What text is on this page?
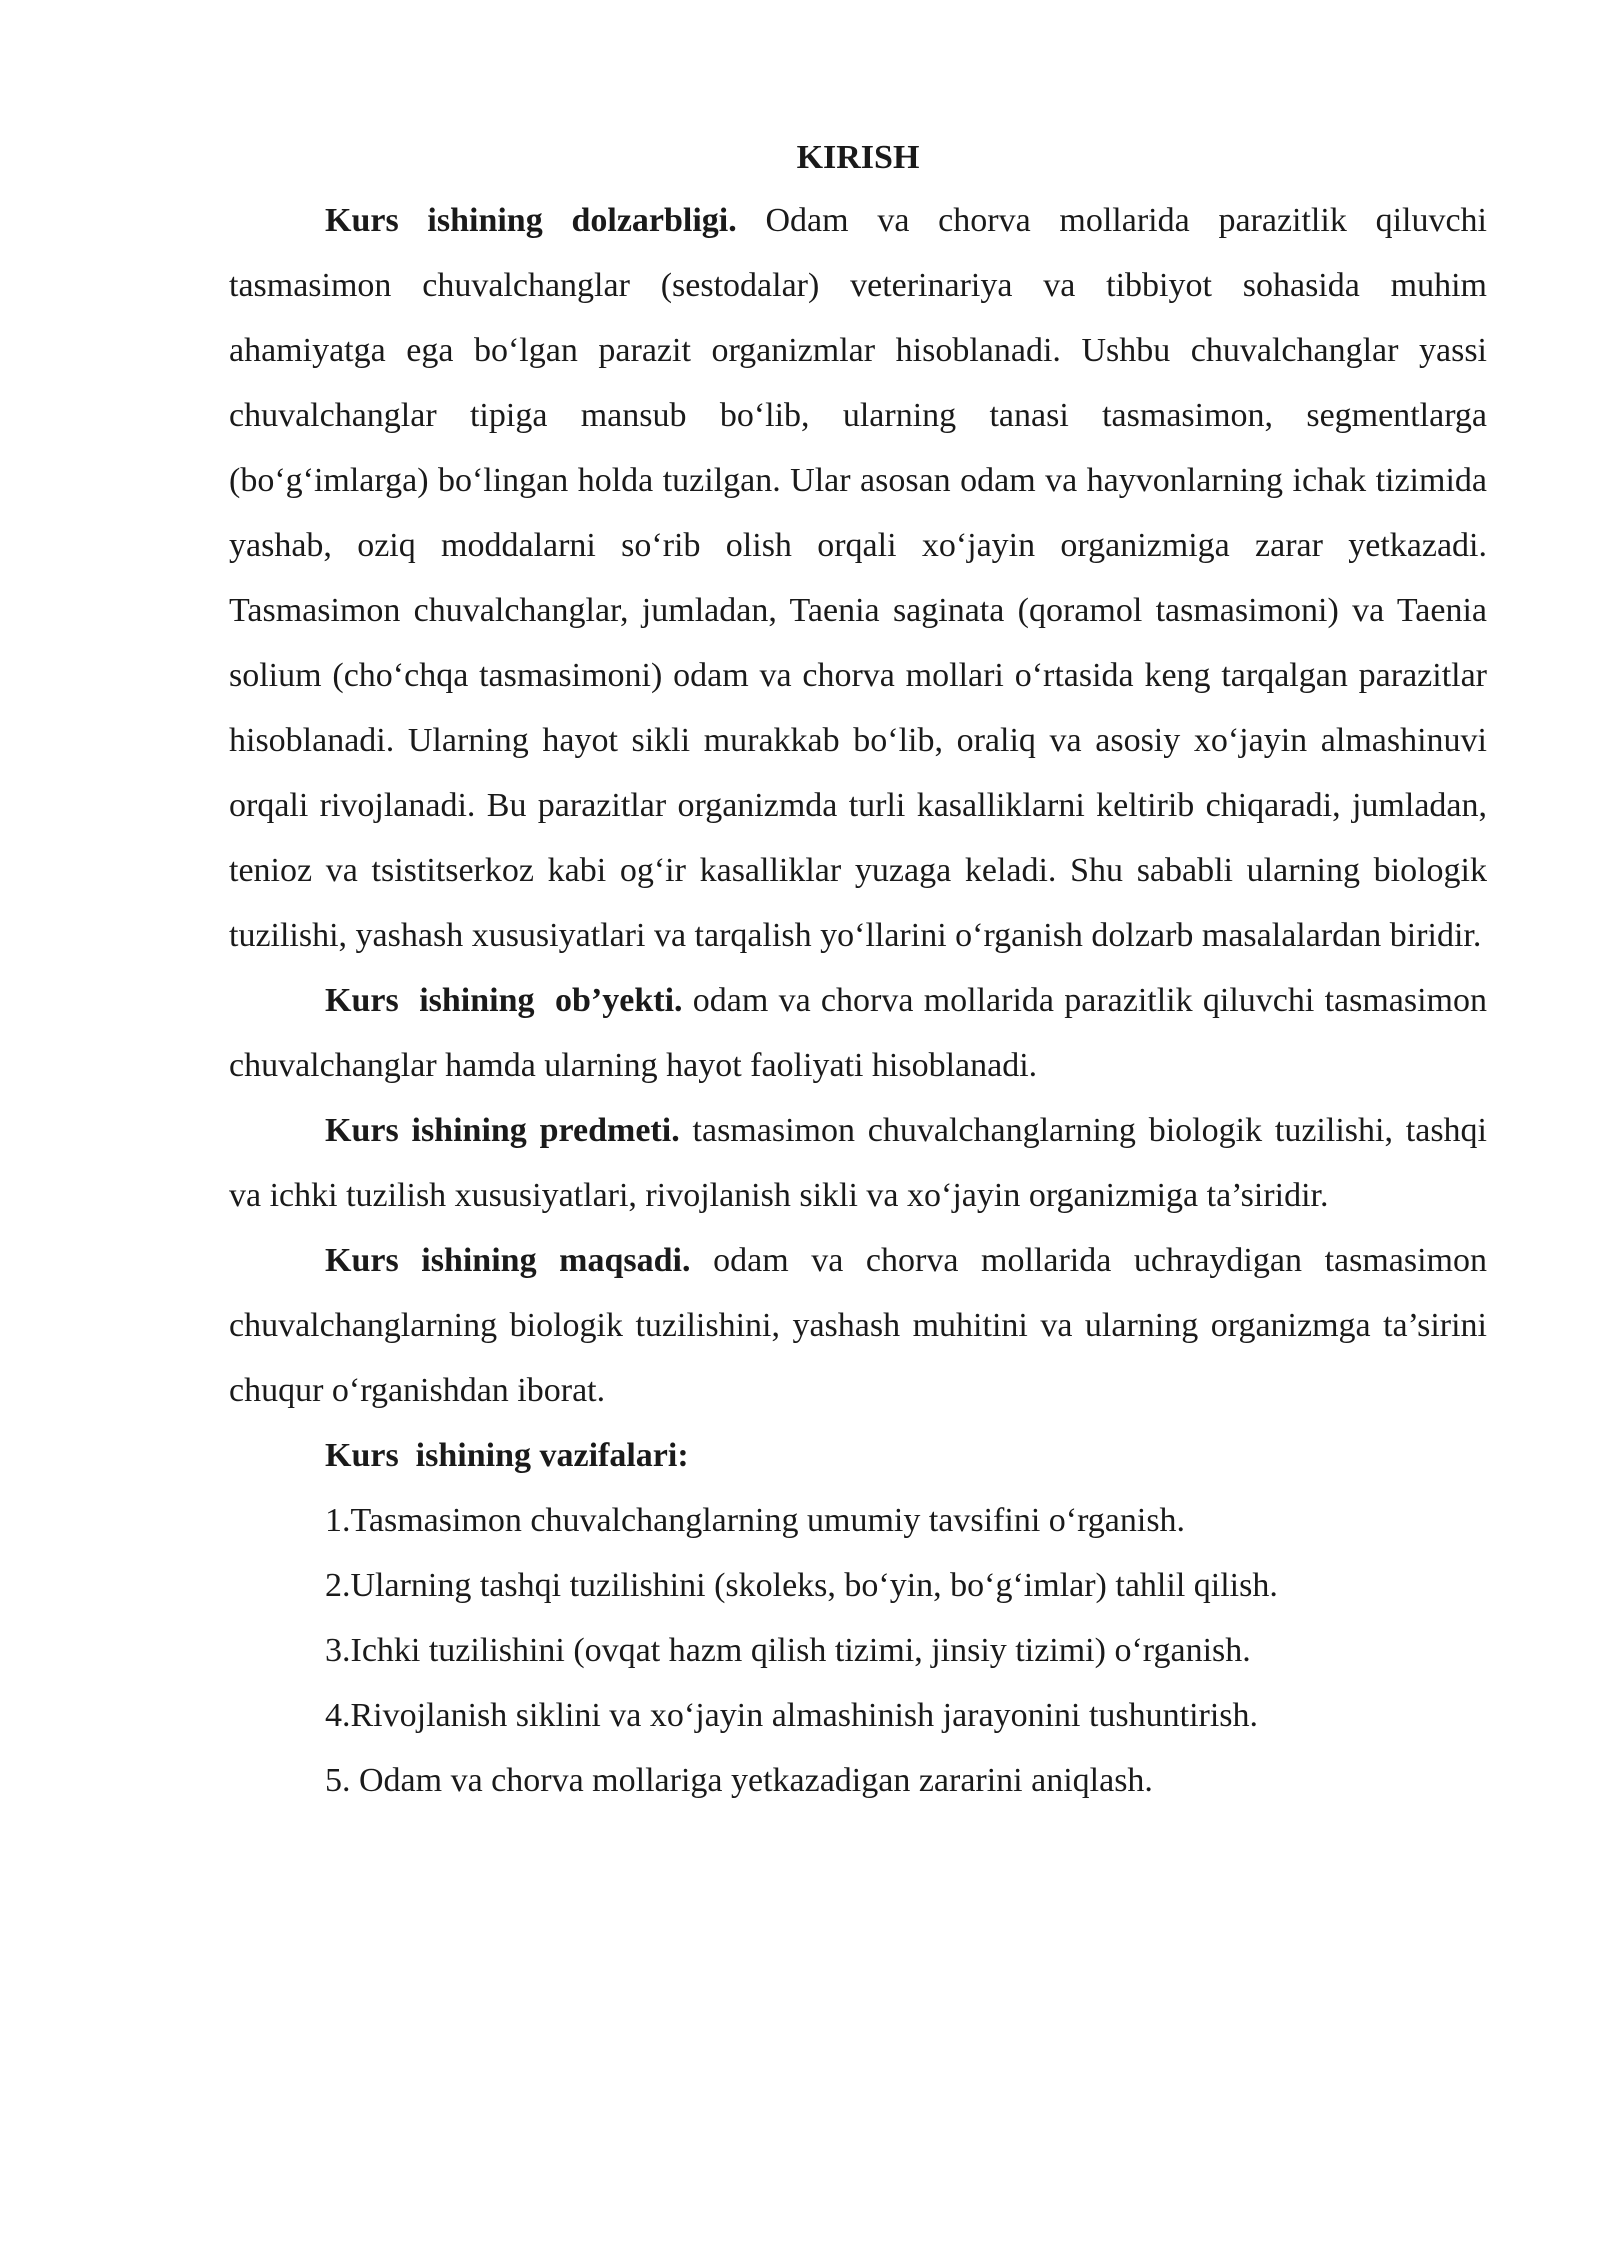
KIRISH

Kurs ishining dolzarbligi. Odam va chorva mollarida parazitlik qiluvchi tasmasimon chuvalchanglar (sestodalar) veterinariya va tibbiyot sohasida muhim ahamiyatga ega bo‘lgan parazit organizmlar hisoblanadi. Ushbu chuvalchanglar yassi chuvalchanglar tipiga mansub bo‘lib, ularning tanasi tasmasimon, segmentlarga (bo‘g‘imlarga) bo‘lingan holda tuzilgan. Ular asosan odam va hayvonlarning ichak tizimida yashab, oziq moddalarni so‘rib olish orqali xo‘jayin organizmiga zarar yetkazadi. Tasmasimon chuvalchanglar, jumladan, Taenia saginata (qoramol tasmasimoni) va Taenia solium (cho‘chqa tasmasimoni) odam va chorva mollari o‘rtasida keng tarqalgan parazitlar hisoblanadi. Ularning hayot sikli murakkab bo‘lib, oraliq va asosiy xo‘jayin almashinuvi orqali rivojlanadi. Bu parazitlar organizmda turli kasalliklarni keltirib chiqaradi, jumladan, tenioz va tsistitserkoz kabi og‘ir kasalliklar yuzaga keladi. Shu sababli ularning biologik tuzilishi, yashash xususiyatlari va tarqalish yo‘llarini o‘rganish dolzarb masalalardan biridir.

Kurs  ishining  ob’yekti. odam va chorva mollarida parazitlik qiluvchi tasmasimon chuvalchanglar hamda ularning hayot faoliyati hisoblanadi.

Kurs ishining predmeti. tasmasimon chuvalchanglarning biologik tuzilishi, tashqi va ichki tuzilish xususiyatlari, rivojlanish sikli va xo‘jayin organizmiga ta’siridir.

Kurs ishining maqsadi. odam va chorva mollarida uchraydigan tasmasimon chuvalchanglarning biologik tuzilishini, yashash muhitini va ularning organizmga ta’sirini chuqur o‘rganishdan iborat.

Kurs  ishining vazifalari:
1.Tasmasimon chuvalchanglarning umumiy tavsifini o‘rganish.
2.Ularning tashqi tuzilishini (skoleks, bo‘yin, bo‘g‘imlar) tahlil qilish.
3.Ichki tuzilishini (ovqat hazm qilish tizimi, jinsiy tizimi) o‘rganish.
4.Rivojlanish siklini va xo‘jayin almashinish jarayonini tushuntirish.
5. Odam va chorva mollariga yetkazadigan zararini aniqlash.
